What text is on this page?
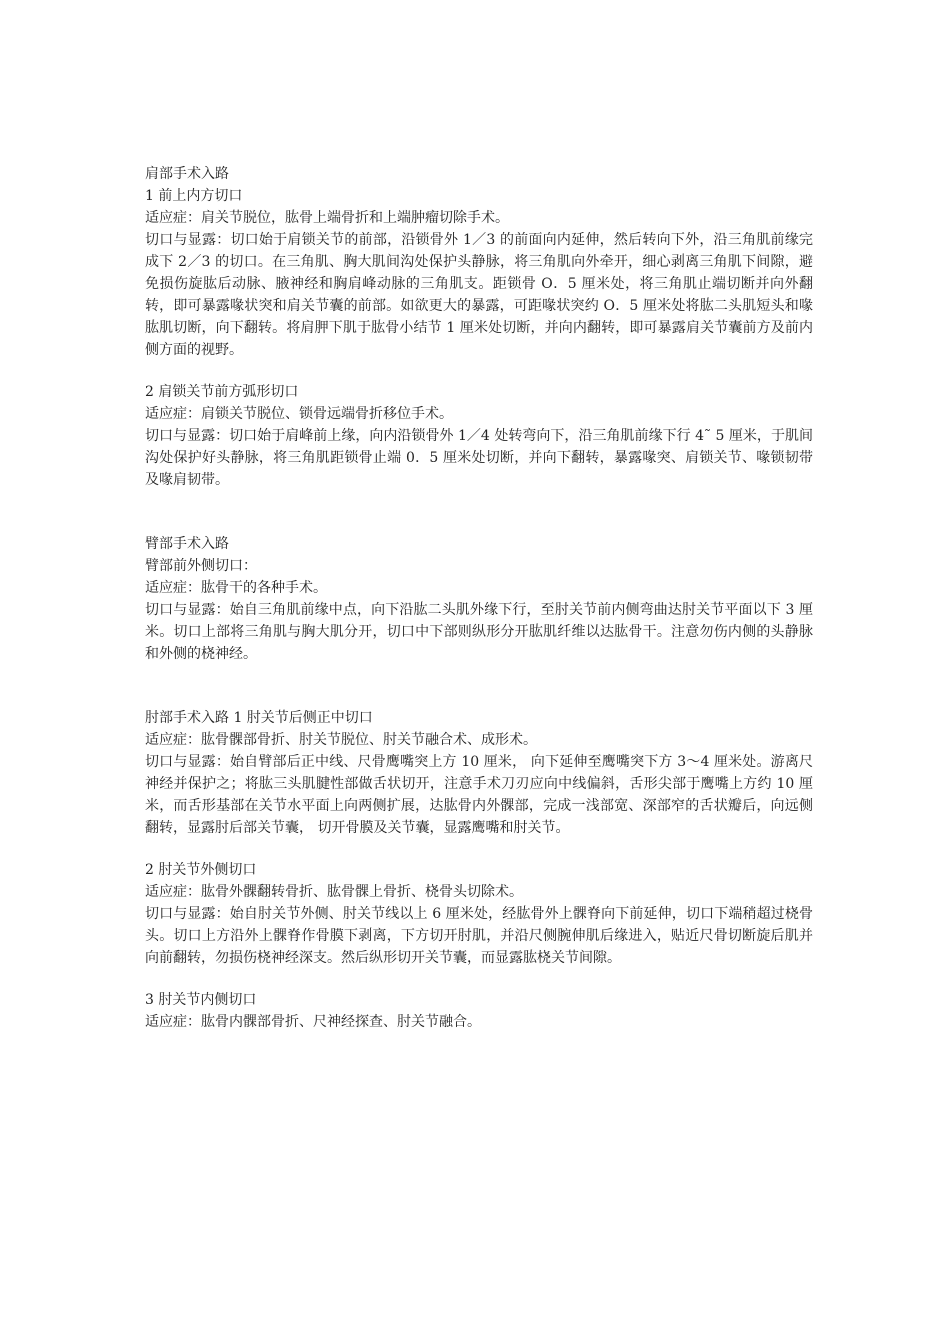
肩部手术入路

1 前上内方切口

适应症：肩关节脱位，肱骨上端骨折和上端肿瘤切除手术。

切口与显露：切口始于肩锁关节的前部，沿锁骨外 1／3 的前面向内延伸，然后转向下外，沿三角肌前缘完成下 2／3 的切口。在三角肌、胸大肌间沟处保护头静脉，将三角肌向外牵开，细心剥离三角肌下间隙，避免损伤旋肱后动脉、腋神经和胸肩峰动脉的三角肌支。距锁骨 O．5 厘米处，将三角肌止端切断并向外翻转，即可暴露喙状突和肩关节囊的前部。如欲更大的暴露，可距喙状突约 O．5 厘米处将肱二头肌短头和喙肱肌切断，向下翻转。将肩胛下肌于肱骨小结节 1 厘米处切断，并向内翻转，即可暴露肩关节囊前方及前内侧方面的视野。

2 肩锁关节前方弧形切口

适应症：肩锁关节脱位、锁骨远端骨折移位手术。

切口与显露：切口始于肩峰前上缘，向内沿锁骨外 1／4 处转弯向下，沿三角肌前缘下行 4˜ 5 厘米，于肌间沟处保护好头静脉，将三角肌距锁骨止端 0．5 厘米处切断，并向下翻转，暴露喙突、肩锁关节、喙锁韧带及喙肩韧带。

臂部手术入路

臂部前外侧切口：

适应症：肱骨干的各种手术。

切口与显露：始自三角肌前缘中点，向下沿肱二头肌外缘下行，至肘关节前内侧弯曲达肘关节平面以下 3 厘米。切口上部将三角肌与胸大肌分开，切口中下部则纵形分开肱肌纤维以达肱骨干。注意勿伤内侧的头静脉和外侧的桡神经。

肘部手术入路 1 肘关节后侧正中切口

适应症：肱骨髁部骨折、肘关节脱位、肘关节融合术、成形术。

切口与显露：始自臂部后正中线、尺骨鹰嘴突上方 10 厘米， 向下延伸至鹰嘴突下方 3～4 厘米处。游离尺神经并保护之；将肱三头肌腱性部做舌状切开，注意手术刀刃应向中线偏斜，舌形尖部于鹰嘴上方约 10 厘米，而舌形基部在关节水平面上向两侧扩展，达肱骨内外髁部，完成一浅部宽、深部窄的舌状瓣后，向远侧翻转，显露肘后部关节囊， 切开骨膜及关节囊，显露鹰嘴和肘关节。

2 肘关节外侧切口

适应症：肱骨外髁翻转骨折、肱骨髁上骨折、桡骨头切除术。

切口与显露：始自肘关节外侧、肘关节线以上 6 厘米处，经肱骨外上髁脊向下前延伸，切口下端稍超过桡骨头。切口上方沿外上髁脊作骨膜下剥离，下方切开肘肌，并沿尺侧腕伸肌后缘进入，贴近尺骨切断旋后肌并向前翻转，勿损伤桡神经深支。然后纵形切开关节囊，而显露肱桡关节间隙。

3 肘关节内侧切口

适应症：肱骨内髁部骨折、尺神经探查、肘关节融合。
